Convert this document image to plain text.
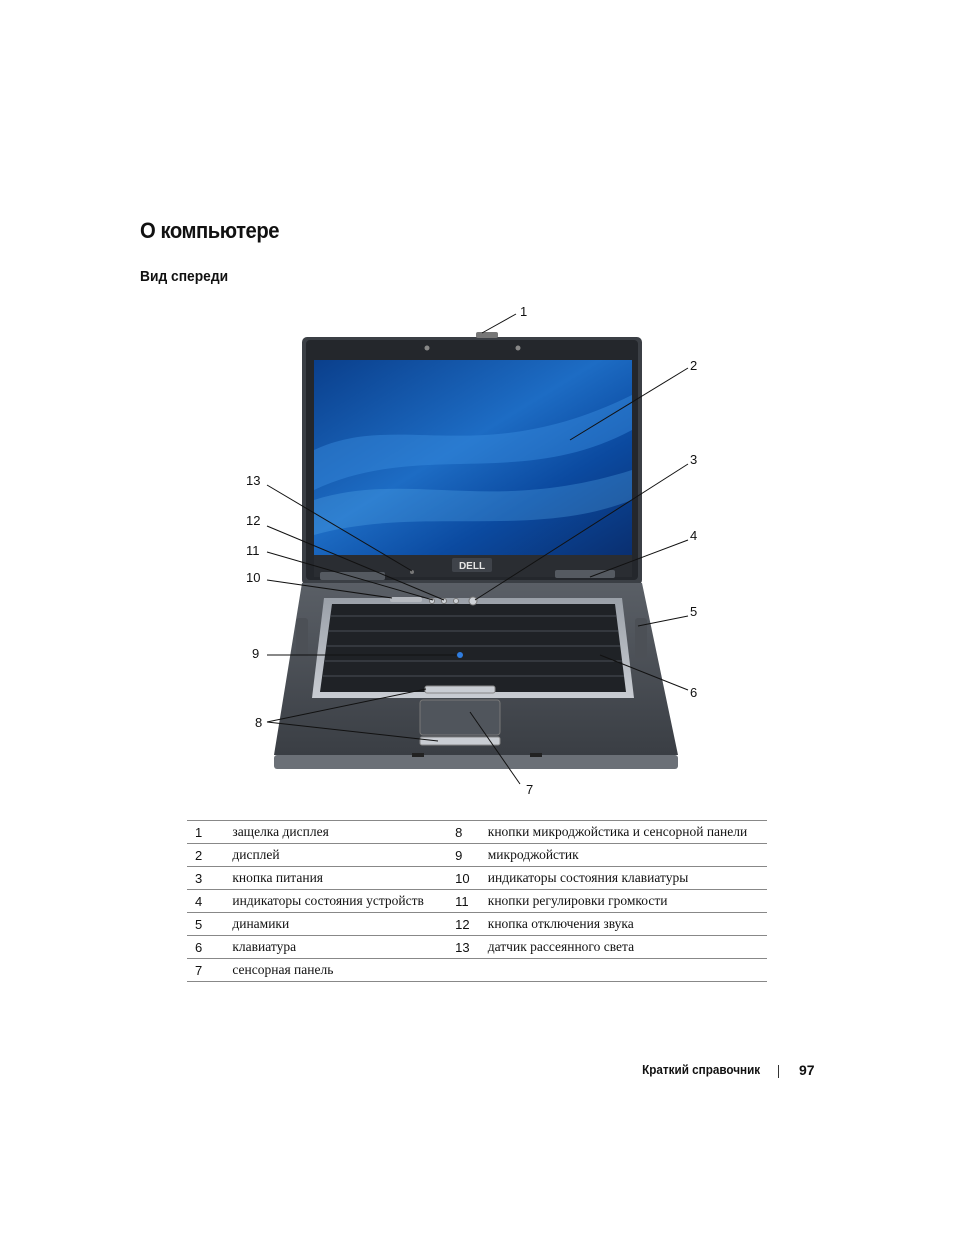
О компьютере
Вид спереди
DELL
1
2
3
4
5
6
7
8
9
10
11
12
13
1	защелка дисплея	8	кнопки микроджойстика и сенсорной панели
2	дисплей	9	микроджойстик
3	кнопка питания	10	индикаторы состояния клавиатуры
4	индикаторы состояния устройств	11	кнопки регулировки громкости
5	динамики	12	кнопка отключения звука
6	клавиатура	13	датчик рассеянного света
7	сенсорная панель		
Краткий справочник	97
